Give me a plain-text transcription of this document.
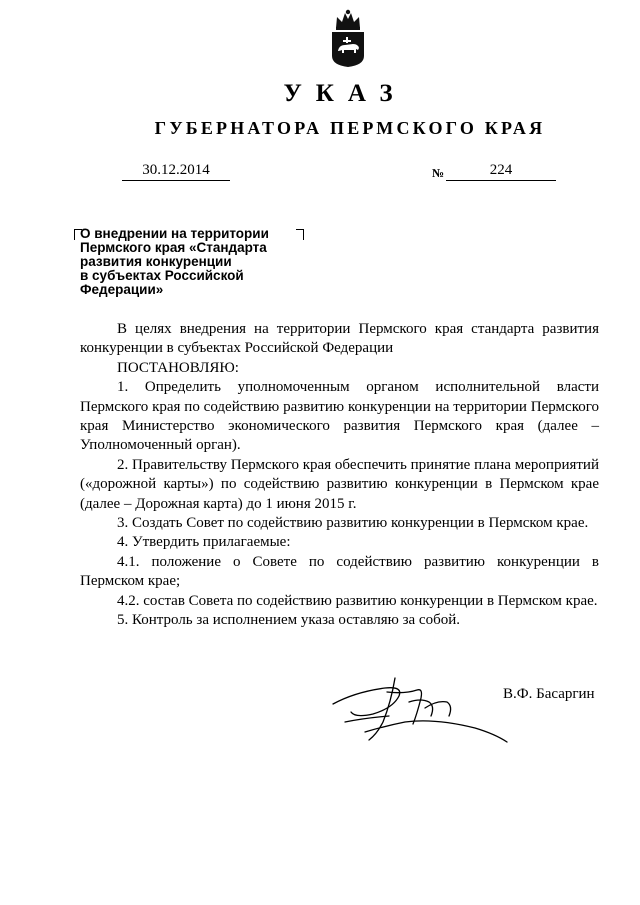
УКАЗ
ГУБЕРНАТОРА ПЕРМСКОГО КРАЯ
30.12.2014	№	224
О внедрении на территории
Пермского края «Стандарта
развития конкуренции
в субъектах Российской
Федерации»

В целях внедрения на территории Пермского края стандарта развития конкуренции в субъектах Российской Федерации

ПОСТАНОВЛЯЮ:

1. Определить уполномоченным органом исполнительной власти Пермского края по содействию развитию конкуренции на территории Пермского края Министерство экономического развития Пермского края (далее – Уполномоченный орган).

2. Правительству Пермского края обеспечить принятие плана мероприятий («дорожной карты») по содействию развитию конкуренции в Пермском крае (далее – Дорожная карта) до 1 июня 2015 г.

3. Создать Совет по содействию развитию конкуренции в Пермском крае.

4. Утвердить прилагаемые:

4.1. положение о Совете по содействию развитию конкуренции в Пермском крае;

4.2. состав Совета по содействию развитию конкуренции в Пермском крае.

5. Контроль за исполнением указа оставляю за собой.

В.Ф. Басаргин
